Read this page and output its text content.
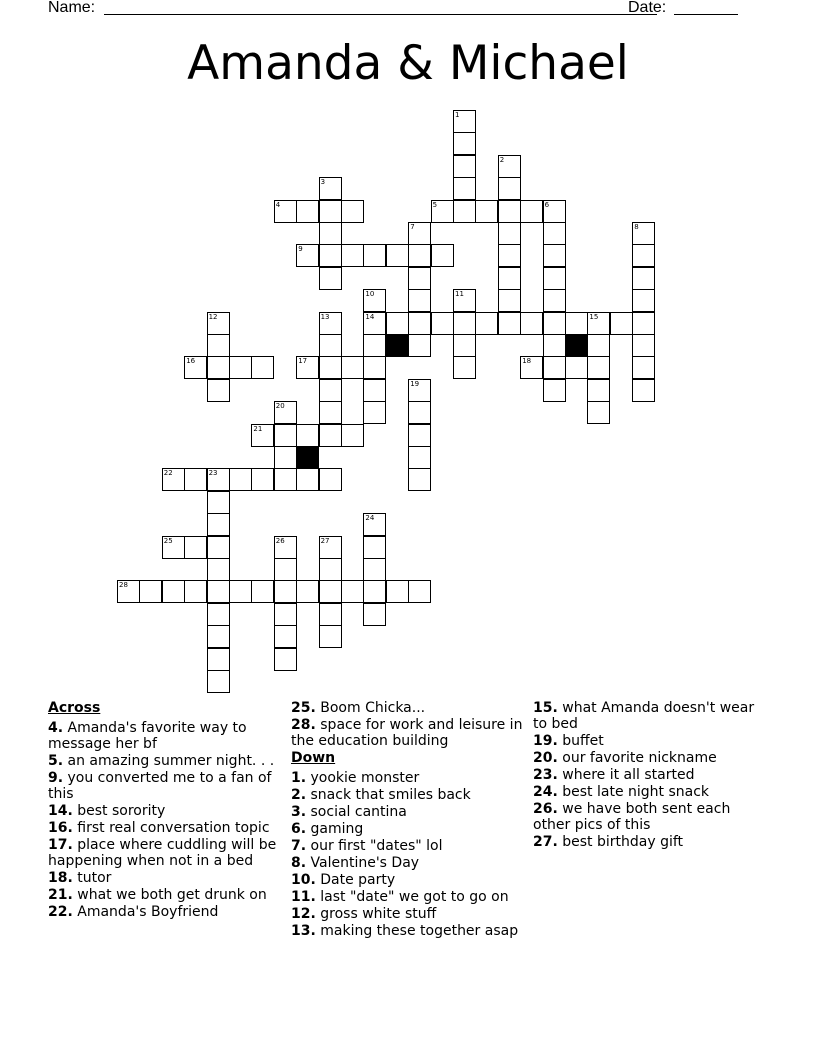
Name:	Date:
Amanda & Michael
1
2
3
4	5	6
7	8
9
10
14
11
12	13	15
16	17	18
19
20
21
22	23
24
25	26	27
28
Across
4. Amanda's favorite way to message her bf
5. an amazing summer night. . .
9. you converted me to a fan of this
14. best sorority
16. first real conversation topic
17. place where cuddling will be happening when not in a bed
18. tutor
21. what we both get drunk on
22. Amanda's Boyfriend
25. Boom Chicka...
28. space for work and leisure in the education building
Down
1. yookie monster
2. snack that smiles back
3. social cantina
6. gaming
7. our first "dates" lol
8. Valentine's Day
10. Date party
11. last "date" we got to go on
12. gross white stuff
13. making these together asap
15. what Amanda doesn't wear to bed
19. buffet
20. our favorite nickname
23. where it all started
24. best late night snack
26. we have both sent each other pics of this
27. best birthday gift
